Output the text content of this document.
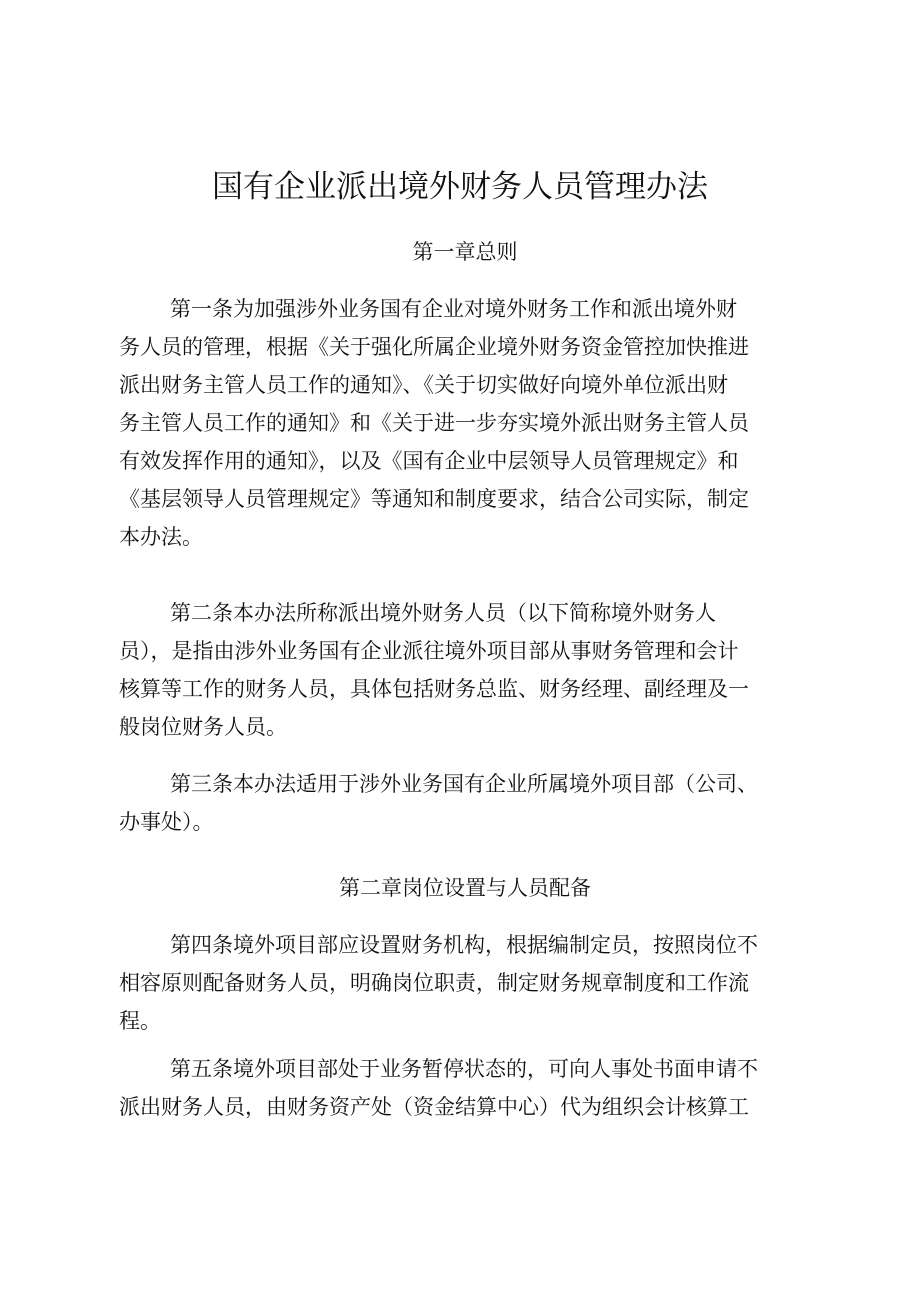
国有企业派出境外财务人员管理办法
第一章总则

第一条为加强涉外业务国有企业对境外财务工作和派出境外财
务人员的管理，根据《关于强化所属企业境外财务资金管控加快推进
派出财务主管人员工作的通知》、《关于切实做好向境外单位派出财
务主管人员工作的通知》和《关于进一步夯实境外派出财务主管人员
有效发挥作用的通知》，以及《国有企业中层领导人员管理规定》和
《基层领导人员管理规定》等通知和制度要求，结合公司实际，制定
本办法。

第二条本办法所称派出境外财务人员（以下简称境外财务人
员），是指由涉外业务国有企业派往境外项目部从事财务管理和会计
核算等工作的财务人员，具体包括财务总监、财务经理、副经理及一
般岗位财务人员。

第三条本办法适用于涉外业务国有企业所属境外项目部（公司、
办事处）。

第二章岗位设置与人员配备

第四条境外项目部应设置财务机构，根据编制定员，按照岗位不
相容原则配备财务人员，明确岗位职责，制定财务规章制度和工作流
程。

第五条境外项目部处于业务暂停状态的，可向人事处书面申请不
派出财务人员，由财务资产处（资金结算中心）代为组织会计核算工
